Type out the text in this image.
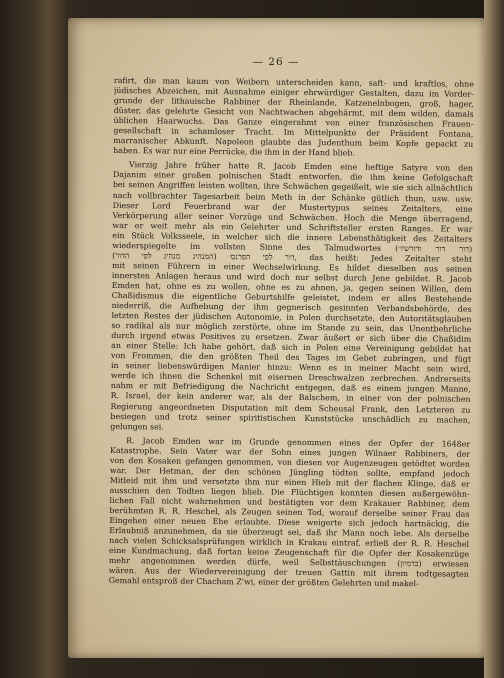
— 26 —
rafirt, die man kaum von Weibern unterscheiden kann, saft- und kraftlos, ohne
jüdisches Abzeichen, mit Ausnahme einiger ehrwürdiger Gestalten, dazu im Vorder-
grunde der lithauische Rabbiner der Rheinlande, Katzenelnbogen, groß, hager,
düster, das gelehrte Gesicht von Nachtwachen abgehärmt, mit dem wilden, damals
üblichen Haarwuchs. Das Ganze eingerahmt von einer französischen Frauen-
gesellschaft in schamloser Tracht. Im Mittelpunkte der Präsident Fontana,
marranischer Abkunft. Napoleon glaubte das Judenthum beim Kopfe gepackt zu
haben. Es war nur eine Perrücke, die ihm in der Hand blieb.
Vierzig Jahre früher hatte R. Jacob Emden eine heftige Satyre von den
Dajanim einer großen polnischen Stadt entworfen, die ihm keine Gefolgschaft
bei seinen Angriffen leisten wollten, ihre Schwächen gegeißelt, wie sie sich allnächtlich
nach vollbrachter Tagesarbeit beim Meth in der Schänke gütlich thun, usw. usw.
Dieser Lord Feuerbrand war der Mustertypus seines Zeitalters, eine
Verkörperung aller seiner Vorzüge und Schwächen. Hoch die Menge überragend,
war er weit mehr als ein Gelehrter und Schriftsteller ersten Ranges. Er war
ein Stück Volksseele, in welcher sich die innere Lebensthätigkeit des Zeitalters
wiederspiegelte im vollsten Sinne des Talmudwortes (דור דור ודורשיו׳)
דור לפי הפרנס׳ (המנהיג מנהיג לפי הדור), das heißt: Jedes Zeitalter steht
mit seinen Führern in einer Wechselwirkung. Es hildet dieselben aus seinen
innersten Anlagen heraus und wird doch nur selbst durch Jene gebildet. R. Jacob
Emden hat, ohne es zu wollen, ohne es zu ahnen, ja, gegen seinen Willen, dem
Chaßidismus die eigentliche Geburtshilfe geleistet, indem er alles Bestehende
niederriß, die Aufhebung der ihm gegnerisch gesinnten Verbandsbehörde, des
letzten Restes der jüdischen Autonomie, in Polen durchsetzte, den Autoritätsglauben
so radikal als nur möglich zerstörte, ohne im Stande zu sein, das Unentbehrliche
durch irgend etwas Positives zu ersetzen. Zwar äußert er sich über die Chaßidim
an einer Stelle: Ich habe gehört, daß sich in Polen eine Vereinigung gebildet hat
von Frommen, die den größten Theil des Tages im Gebet zubringen, und fügt
in seiner liebenswürdigen Manier hinzu: Wenn es in meiner Macht sein wird,
werde ich ihnen die Schenkel mit eisernen Dreschwalzen zerbrechen. Andrerseits
nahm er mit Befriedigung die Nachricht entgegen, daß es einem jungen Manne,
R. Israel, der kein anderer war, als der Balschem, in einer von der polnischen
Regierung angeordneten Disputation mit dem Scheusal Frank, den Letzteren zu
besiegen und trotz seiner spiritistischen Kunststücke unschädlich zu machen,
gelungen sei.
R. Jacob Emden war im Grunde genommen eines der Opfer der 1648er
Katastrophe. Sein Vater war der Sohn eines jungen Wilnaer Rabbiners, der
von den Kosaken gefangen genommen, von diesen vor Augenzeugen getödtet worden
war. Der Hetman, der den schönen Jüngling tödten sollte, empfand jedoch
Mitleid mit ihm und versetzte ihm nur einen Hieb mit der flachen Klinge, daß er
ausschien den Todten liegen blieb. Die Flüchtigen konnten diesen außergewöhn-
lichen Fall nicht wahrnehmen und bestätigten vor dem Krakauer Rabbiner, dem
berühmten R. R. Heschel, als Zeugen seinen Tod, worauf derselbe seiner Frau das
Eingehen einer neuen Ehe erlaubte. Diese weigerte sich jedoch hartnäckig, die
Erlaubniß anzunehmen, da sie überzeugt sei, daß ihr Mann noch lebe. Als derselbe
nach vielen Schicksalsprüfungen wirklich in Krakau eintraf, erließ der R. R. Heschel
eine Kundmachung, daß fortan keine Zeugenschaft für die Opfer der Kosakenzüge
mehr angenommen werden dürfe, weil Selbsttäuschungen (בדמיון) erwiesen
wären. Aus der Wiedervereinigung der treuen Gattin mit ihrem todtgesagten
Gemahl entsproß der Chacham Z'wi, einer der größten Gelehrten und makel-
